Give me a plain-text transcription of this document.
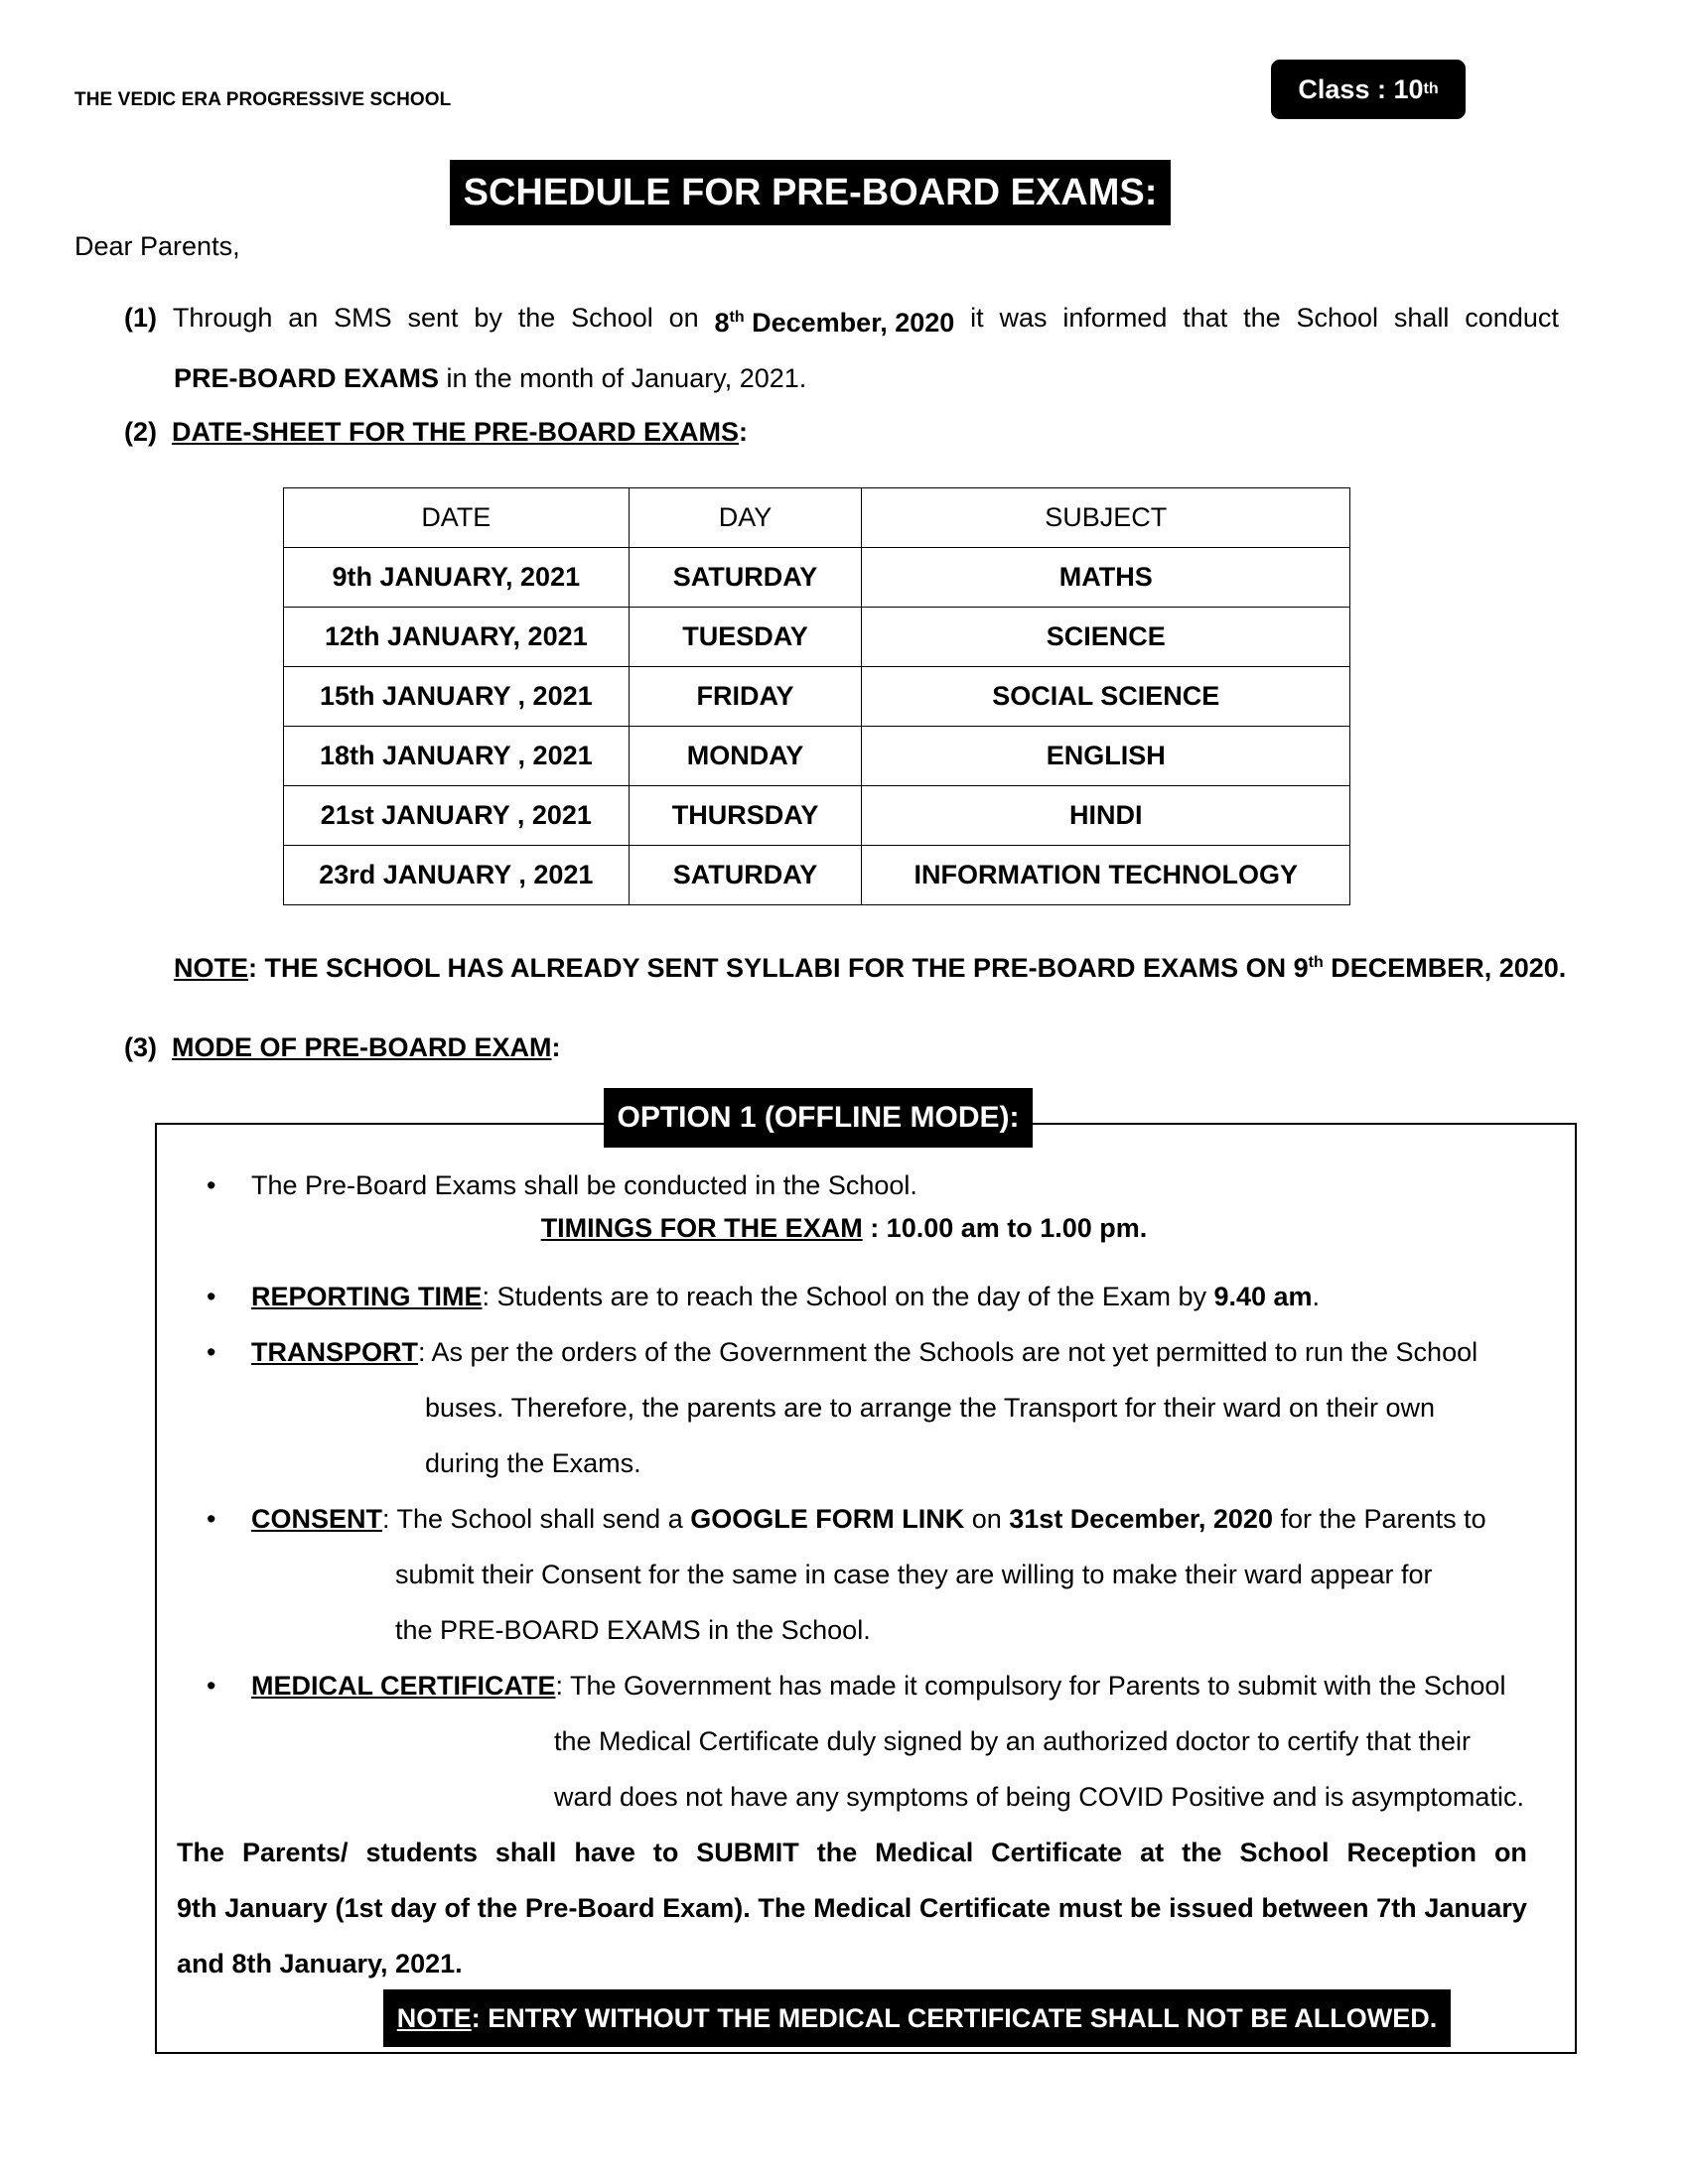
THE VEDIC ERA PROGRESSIVE SCHOOL	Class : 10 th
SCHEDULE FOR PRE-BOARD EXAMS:
Dear Parents,
(1) Through an SMS sent by the School on 8th December, 2020 it was informed that the School shall conduct
PRE-BOARD EXAMS in the month of January, 2021.
(2) DATE-SHEET FOR THE PRE-BOARD EXAMS:
DATE	DAY	SUBJECT
9th JANUARY, 2021	SATURDAY	MATHS
12th JANUARY, 2021	TUESDAY	SCIENCE
15th JANUARY , 2021	FRIDAY	SOCIAL SCIENCE
18th JANUARY , 2021	MONDAY	ENGLISH
21st JANUARY , 2021	THURSDAY	HINDI
23rd JANUARY , 2021	SATURDAY	INFORMATION TECHNOLOGY
NOTE: THE SCHOOL HAS ALREADY SENT SYLLABI FOR THE PRE-BOARD EXAMS ON 9th DECEMBER, 2020.
(3) MODE OF PRE-BOARD EXAM:
OPTION 1 (OFFLINE MODE):
• The Pre-Board Exams shall be conducted in the School.
TIMINGS FOR THE EXAM : 10.00 am to 1.00 pm.
• REPORTING TIME: Students are to reach the School on the day of the Exam by 9.40 am.
• TRANSPORT: As per the orders of the Government the Schools are not yet permitted to run the School
buses. Therefore, the parents are to arrange the Transport for their ward on their own
during the Exams.
• CONSENT: The School shall send a GOOGLE FORM LINK on 31st December, 2020 for the Parents to
submit their Consent for the same in case they are willing to make their ward appear for
the PRE-BOARD EXAMS in the School.
• MEDICAL CERTIFICATE: The Government has made it compulsory for Parents to submit with the School
the Medical Certificate duly signed by an authorized doctor to certify that their
ward does not have any symptoms of being COVID Positive and is asymptomatic.
The Parents/ students shall have to SUBMIT the Medical Certificate at the School Reception on
9th January (1st day of the Pre-Board Exam). The Medical Certificate must be issued between 7th January
and 8th January, 2021.
NOTE : ENTRY WITHOUT THE MEDICAL CERTIFICATE SHALL NOT BE ALLOWED.
